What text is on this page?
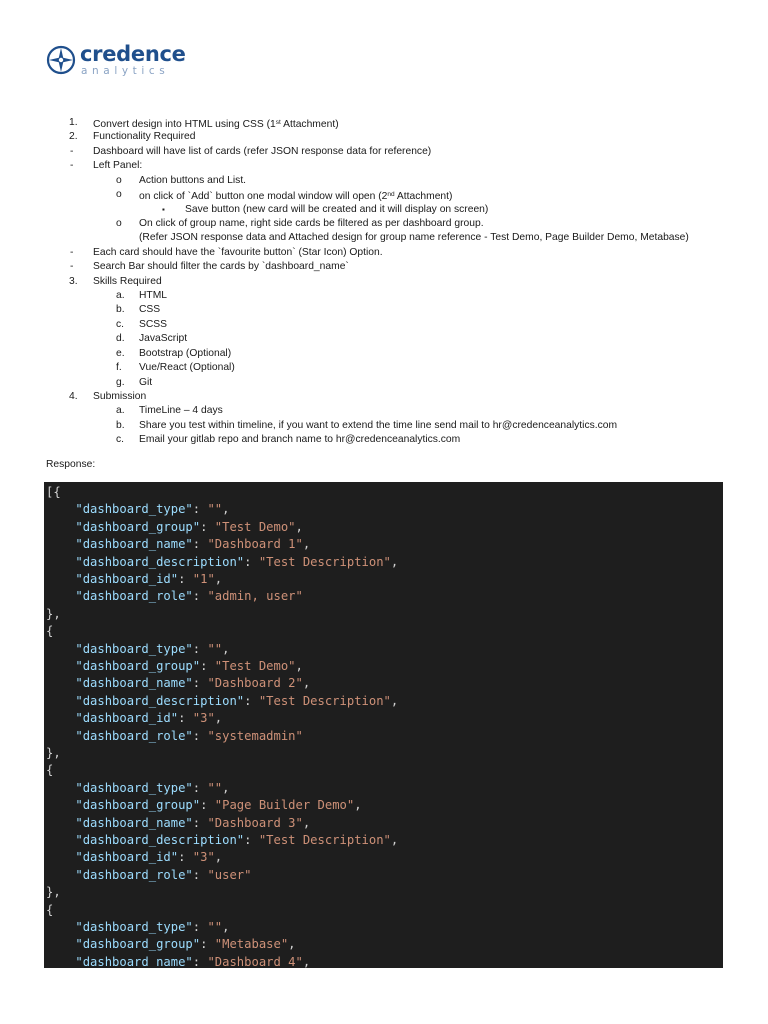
credence
analytics
1. Convert design into HTML using CSS (1st Attachment)
2. Functionality Required
- Dashboard will have list of cards (refer JSON response data for reference)
- Left Panel:
o Action buttons and List.
o on click of `Add` button one modal window will open (2nd Attachment)
▪ Save button (new card will be created and it will display on screen)
o On click of group name, right side cards be filtered as per dashboard group.
(Refer JSON response data and Attached design for group name reference - Test Demo, Page Builder Demo, Metabase)
- Each card should have the `favourite button` (Star Icon) Option.
- Search Bar should filter the cards by `dashboard_name`
3. Skills Required
a. HTML
b. CSS
c. SCSS
d. JavaScript
e. Bootstrap (Optional)
f. Vue/React (Optional)
g. Git
4. Submission
a. TimeLine – 4 days
b. Share you test within timeline, if you want to extend the time line send mail to hr@credenceanalytics.com
c. Email your gitlab repo and branch name to hr@credenceanalytics.com
Response:
[{
"dashboard_type": "",
"dashboard_group": "Test Demo",
"dashboard_name": "Dashboard 1",
"dashboard_description": "Test Description",
"dashboard_id": "1",
"dashboard_role": "admin, user"
},
{
"dashboard_type": "",
"dashboard_group": "Test Demo",
"dashboard_name": "Dashboard 2",
"dashboard_description": "Test Description",
"dashboard_id": "3",
"dashboard_role": "systemadmin"
},
{
"dashboard_type": "",
"dashboard_group": "Page Builder Demo",
"dashboard_name": "Dashboard 3",
"dashboard_description": "Test Description",
"dashboard_id": "3",
"dashboard_role": "user"
},
{
"dashboard_type": "",
"dashboard_group": "Metabase",
"dashboard_name": "Dashboard 4",
